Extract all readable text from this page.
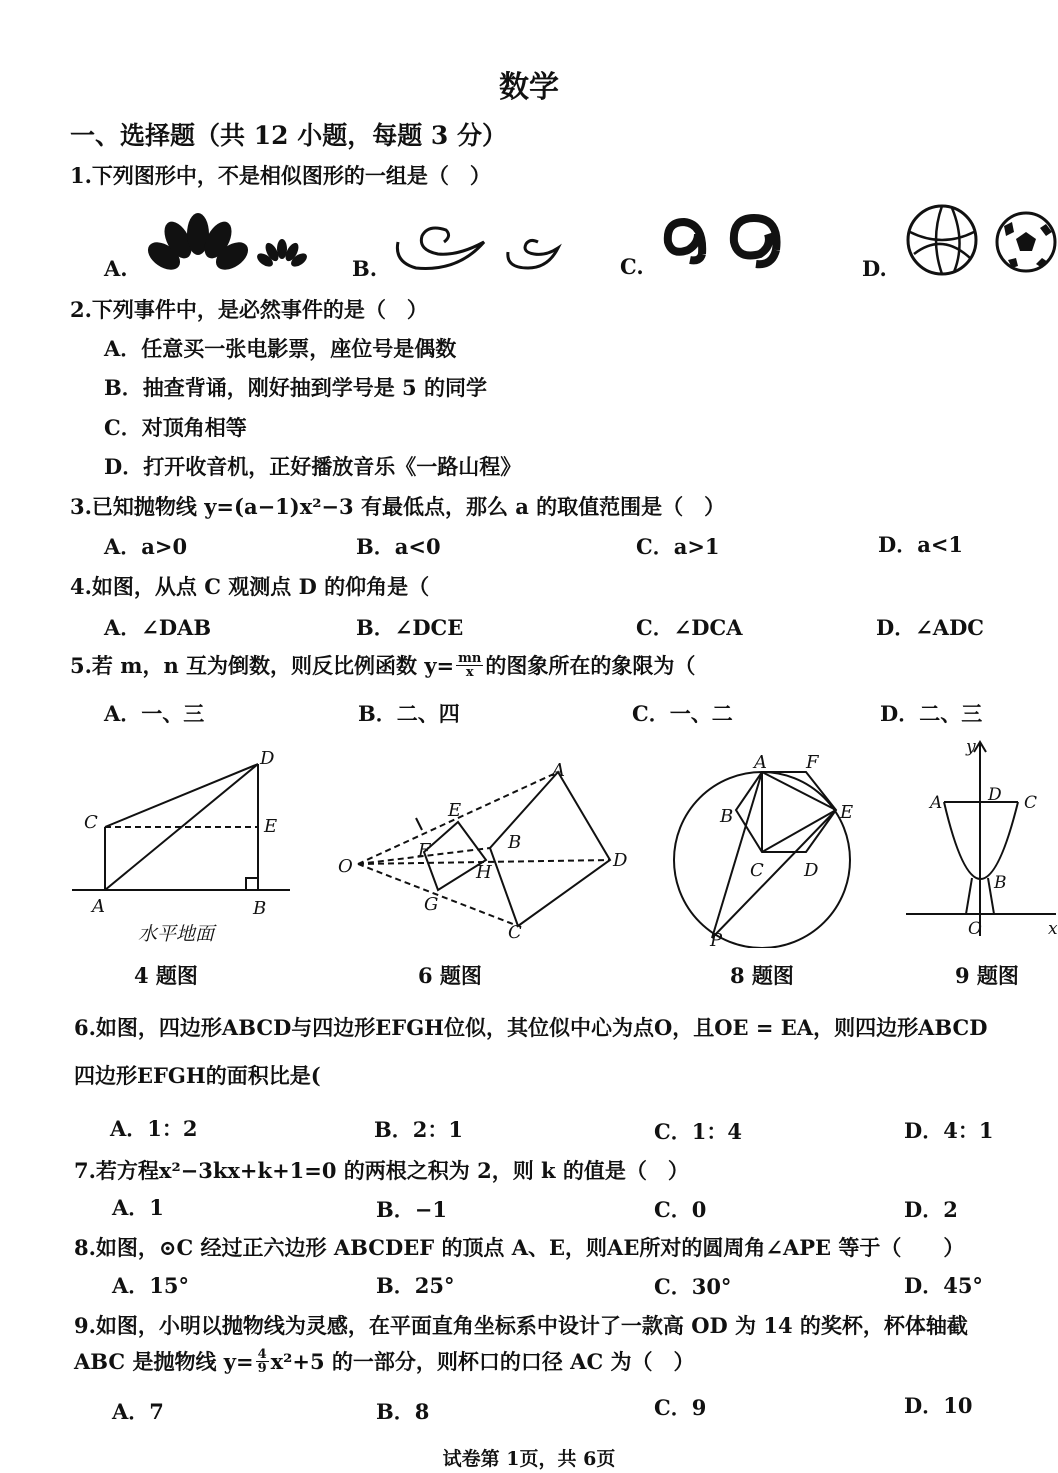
数学
一、选择题（共 12 小题，每题 3 分）
1.下列图形中，不是相似图形的一组是（　）
A.	B.	C.	D.
2.下列事件中，是必然事件的是（　）
A．任意买一张电影票，座位号是偶数
B．抽查背诵，刚好抽到学号是 5 的同学
C．对顶角相等
D．打开收音机，正好播放音乐《一路山程》
3.已知抛物线 y=(a−1)x²−3 有最低点，那么 a 的取值范围是（　）
A．a>0	B．a<0	C．a>1	D．a<1
4.如图，从点 C 观测点 D 的仰角是（
A．∠DAB	B．∠DCE	C．∠DCA	D．∠ADC
5.若 m，n 互为倒数，则反比例函数 $y= \frac{mn}{x}$ 的图象所在的象限为（
A．一、三	B．二、四	C．一、二	D．二、三
A	B
C
D
E
水平地面
4 题图
O
A
B
C
D
E
F
G
H
6 题图
A
B
C D
E
F
P
8 题图
y
x
O
A
B
C
D
9 题图
6.如图，四边形ABCD与四边形EFGH位似，其位似中心为点O，且OE = EA，则四边形ABCD
四边形EFGH的面积比是(
A．1：2	B．2：1	C．1：4	D．4：1
7.若方程x²−3kx+k+1=0 的两根之积为 2，则 k 的值是（　）
A．1	B．−1	C．0	D．2
8.如图，⊙C 经过正六边形 ABCDEF 的顶点 A、E，则AE所对的圆周角∠APE 等于（　　）
A．15°	B．25°	C．30°	D．45°
9.如图，小明以抛物线为灵感，在平面直角坐标系中设计了一款高 OD 为 14 的奖杯，杯体轴截
ABC 是抛物线 $y= \frac{4}{9} x^2+5$ 的一部分，则杯口的口径 AC 为（　）
A．7	B．8	C．9	D．10
试卷第 1页，共 6页
